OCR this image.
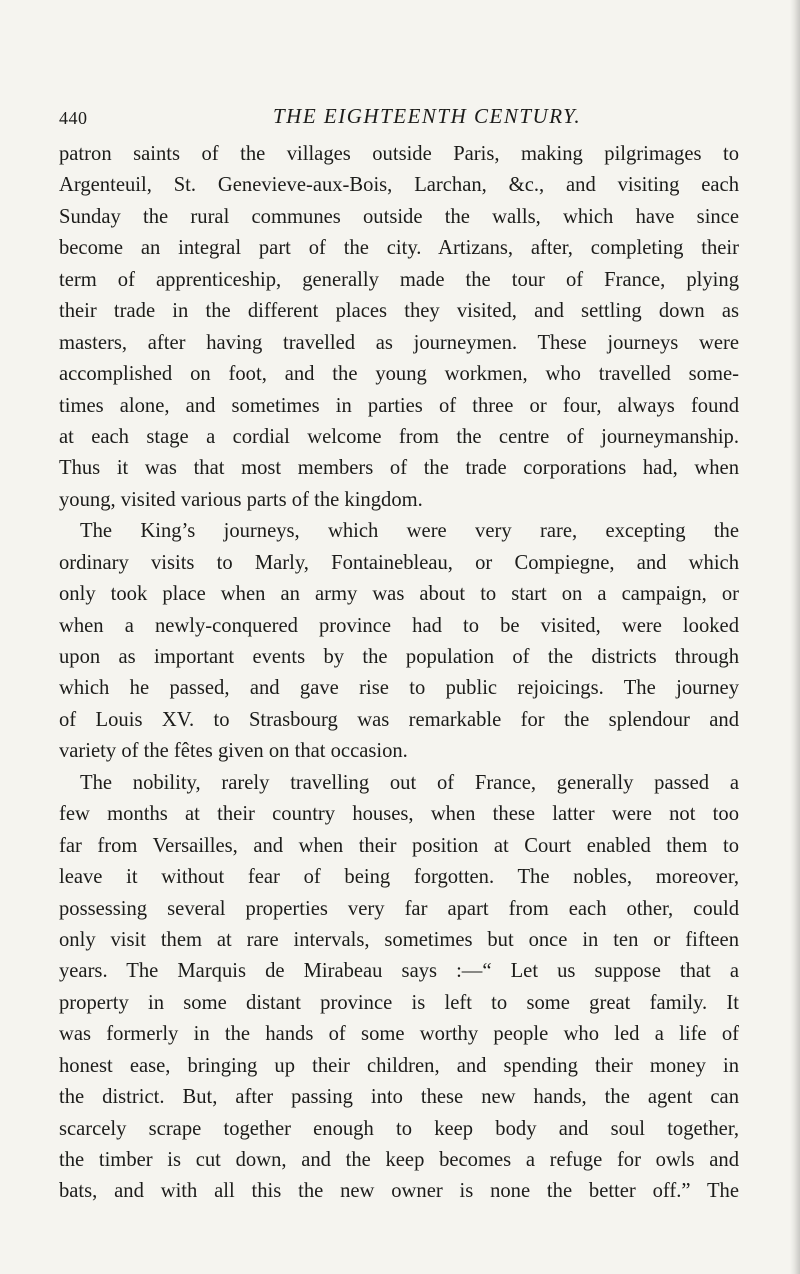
440	THE EIGHTEENTH CENTURY.
patron saints of the villages outside Paris, making pilgrimages to
Argenteuil, St. Genevieve-aux-Bois, Larchan, &c., and visiting each
Sunday the rural communes outside the walls, which have since
become an integral part of the city. Artizans, after, completing their
term of apprenticeship, generally made the tour of France, plying
their trade in the different places they visited, and settling down as
masters, after having travelled as journeymen. These journeys were
accomplished on foot, and the young workmen, who travelled some-
times alone, and sometimes in parties of three or four, always found
at each stage a cordial welcome from the centre of journeymanship.
Thus it was that most members of the trade corporations had, when
young, visited various parts of the kingdom.
The King’s journeys, which were very rare, excepting the
ordinary visits to Marly, Fontainebleau, or Compiegne, and which
only took place when an army was about to start on a campaign, or
when a newly-conquered province had to be visited, were looked
upon as important events by the population of the districts through
which he passed, and gave rise to public rejoicings. The journey
of Louis XV. to Strasbourg was remarkable for the splendour and
variety of the fêtes given on that occasion.
The nobility, rarely travelling out of France, generally passed a
few months at their country houses, when these latter were not too
far from Versailles, and when their position at Court enabled them to
leave it without fear of being forgotten. The nobles, moreover,
possessing several properties very far apart from each other, could
only visit them at rare intervals, sometimes but once in ten or fifteen
years. The Marquis de Mirabeau says :—“ Let us suppose that a
property in some distant province is left to some great family. It
was formerly in the hands of some worthy people who led a life of
honest ease, bringing up their children, and spending their money in
the district. But, after passing into these new hands, the agent can
scarcely scrape together enough to keep body and soul together,
the timber is cut down, and the keep becomes a refuge for owls and
bats, and with all this the new owner is none the better off.” The
